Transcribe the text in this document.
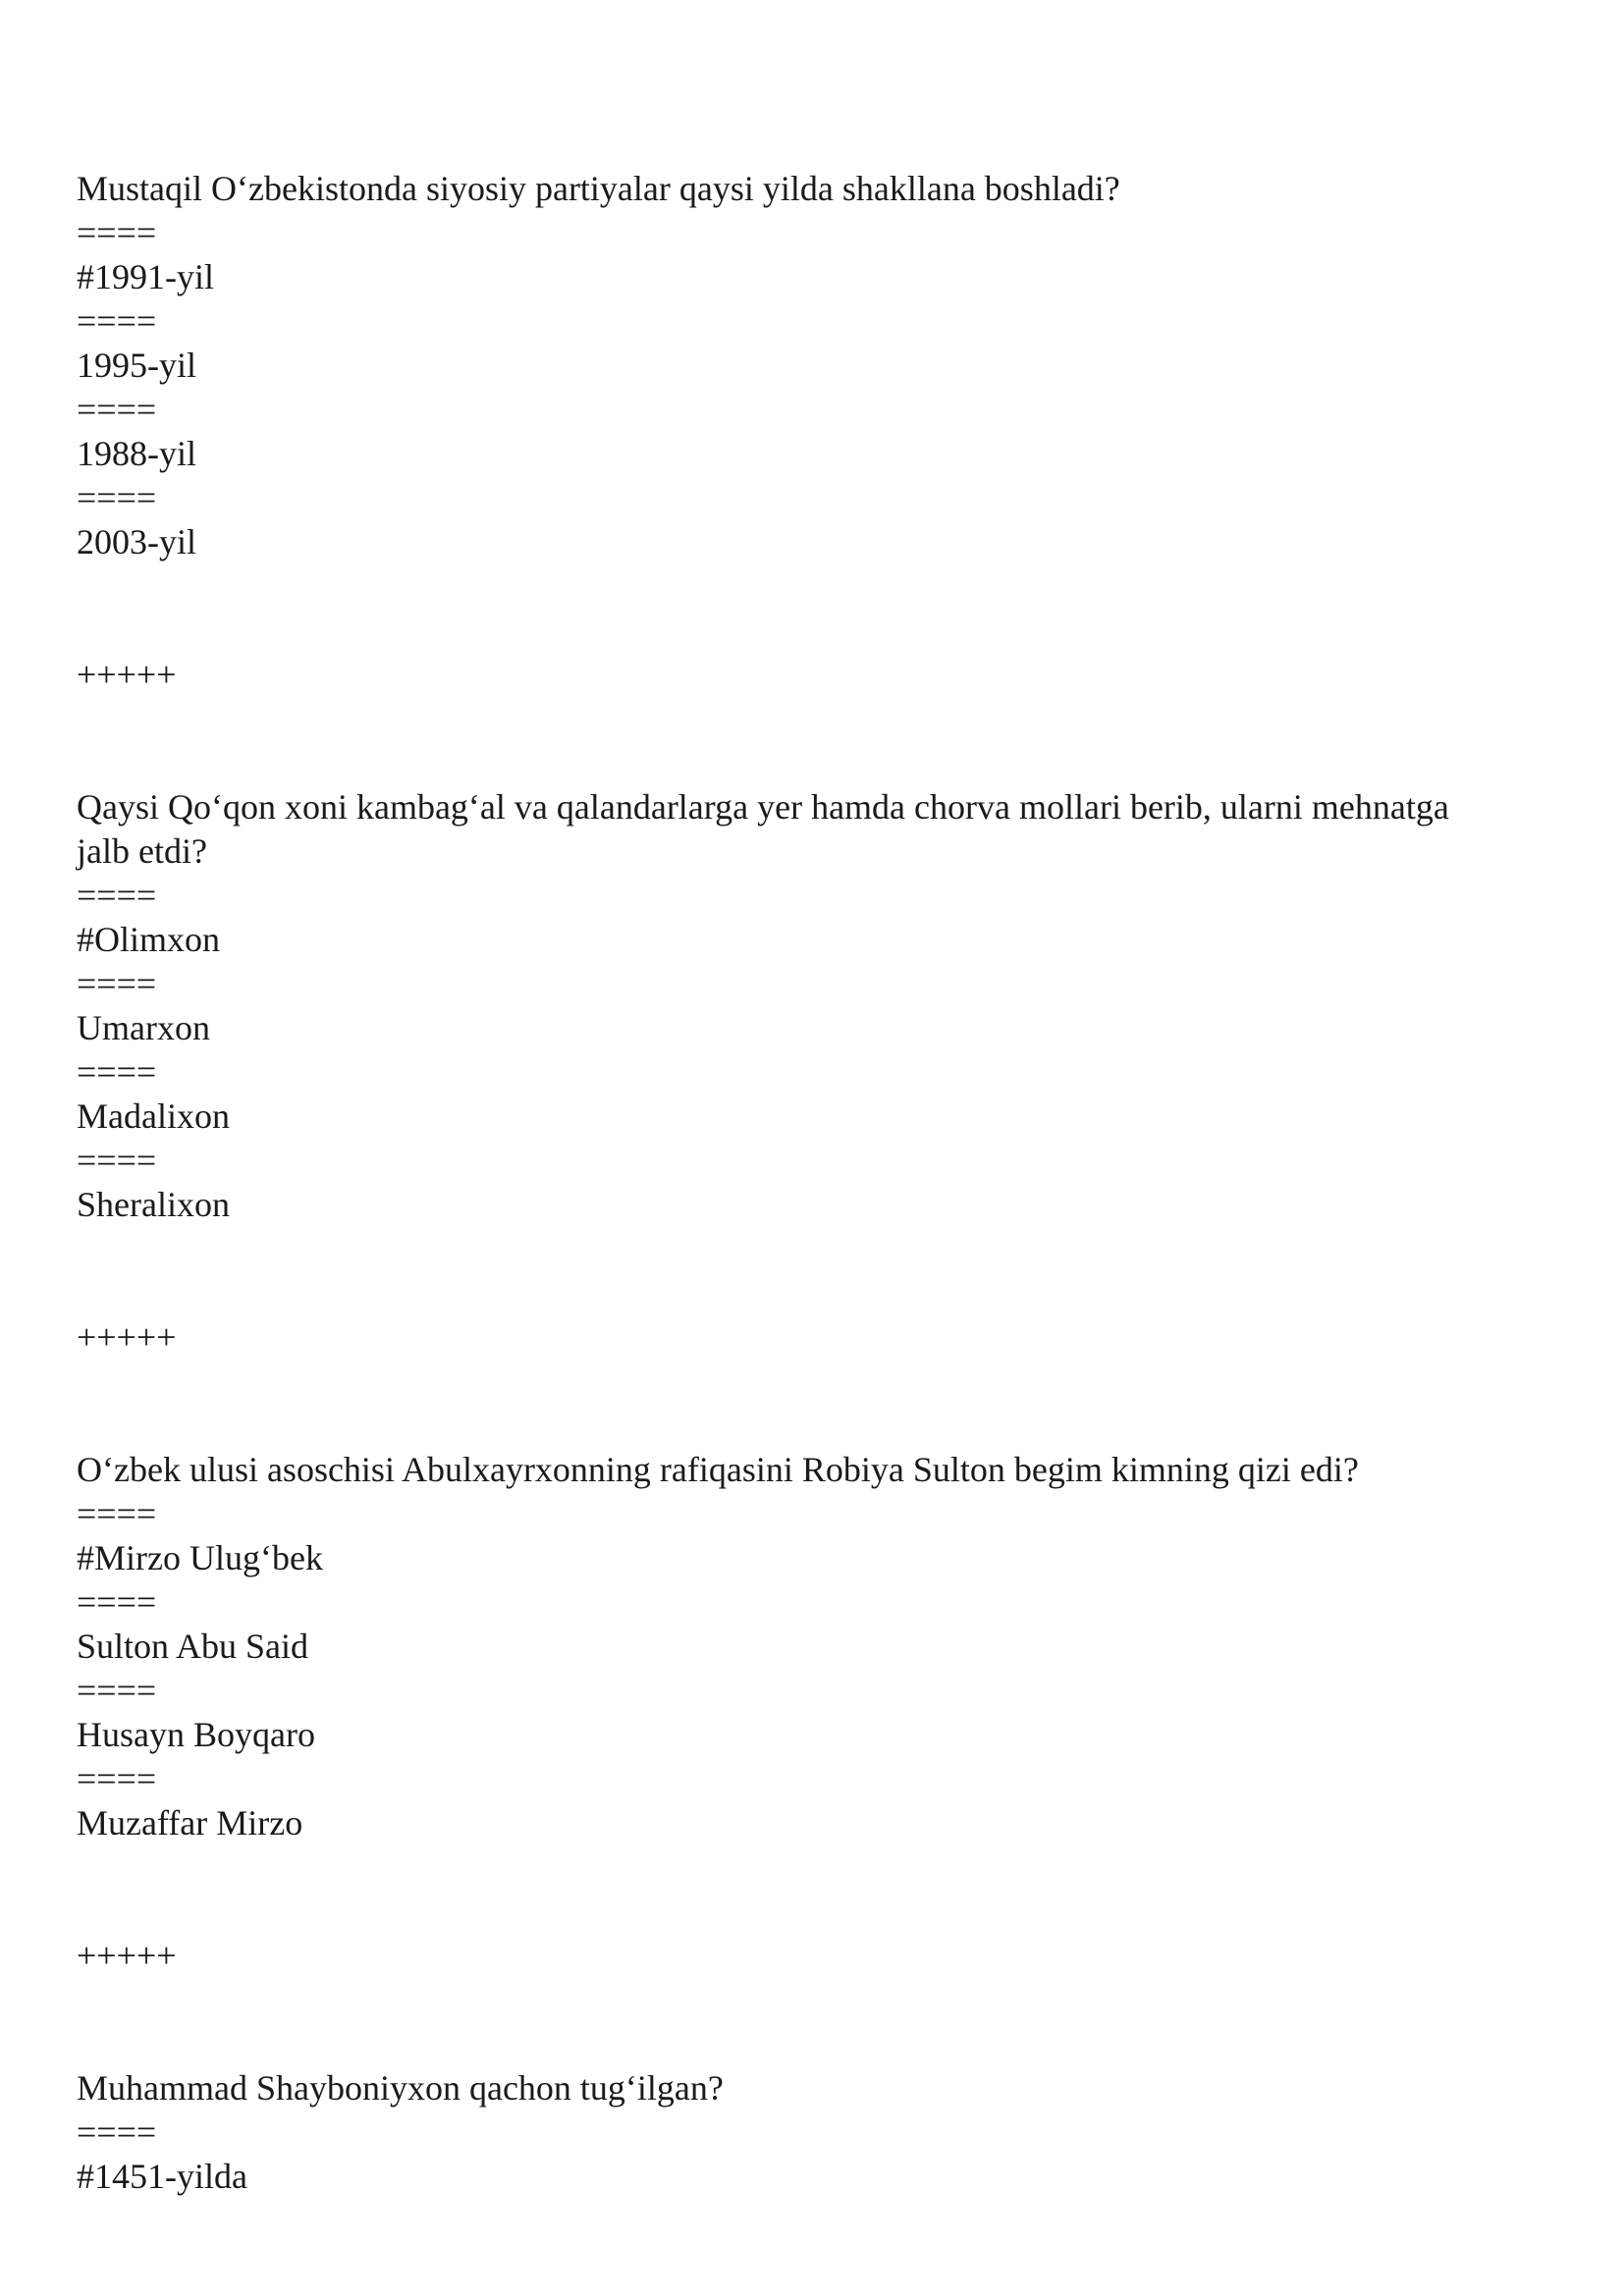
Mustaqil O‘zbekistonda siyosiy partiyalar qaysi yilda shakllana boshladi?
====
#1991-yil
====
1995-yil
====
1988-yil
====
2003-yil
+++++
Qaysi Qo‘qon xoni kambag‘al va qalandarlarga yer hamda chorva mollari berib, ularni mehnatga
jalb etdi?
====
#Olimxon
====
Umarxon
====
Madalixon
====
Sheralixon
+++++
O‘zbek ulusi asoschisi Abulxayrxonning rafiqasini Robiya Sulton begim kimning qizi edi?
====
#Mirzo Ulug‘bek
====
Sulton Abu Said
====
Husayn Boyqaro
====
Muzaffar Mirzo
+++++
Muhammad Shayboniyxon qachon tug‘ilgan?
====
#1451-yilda
